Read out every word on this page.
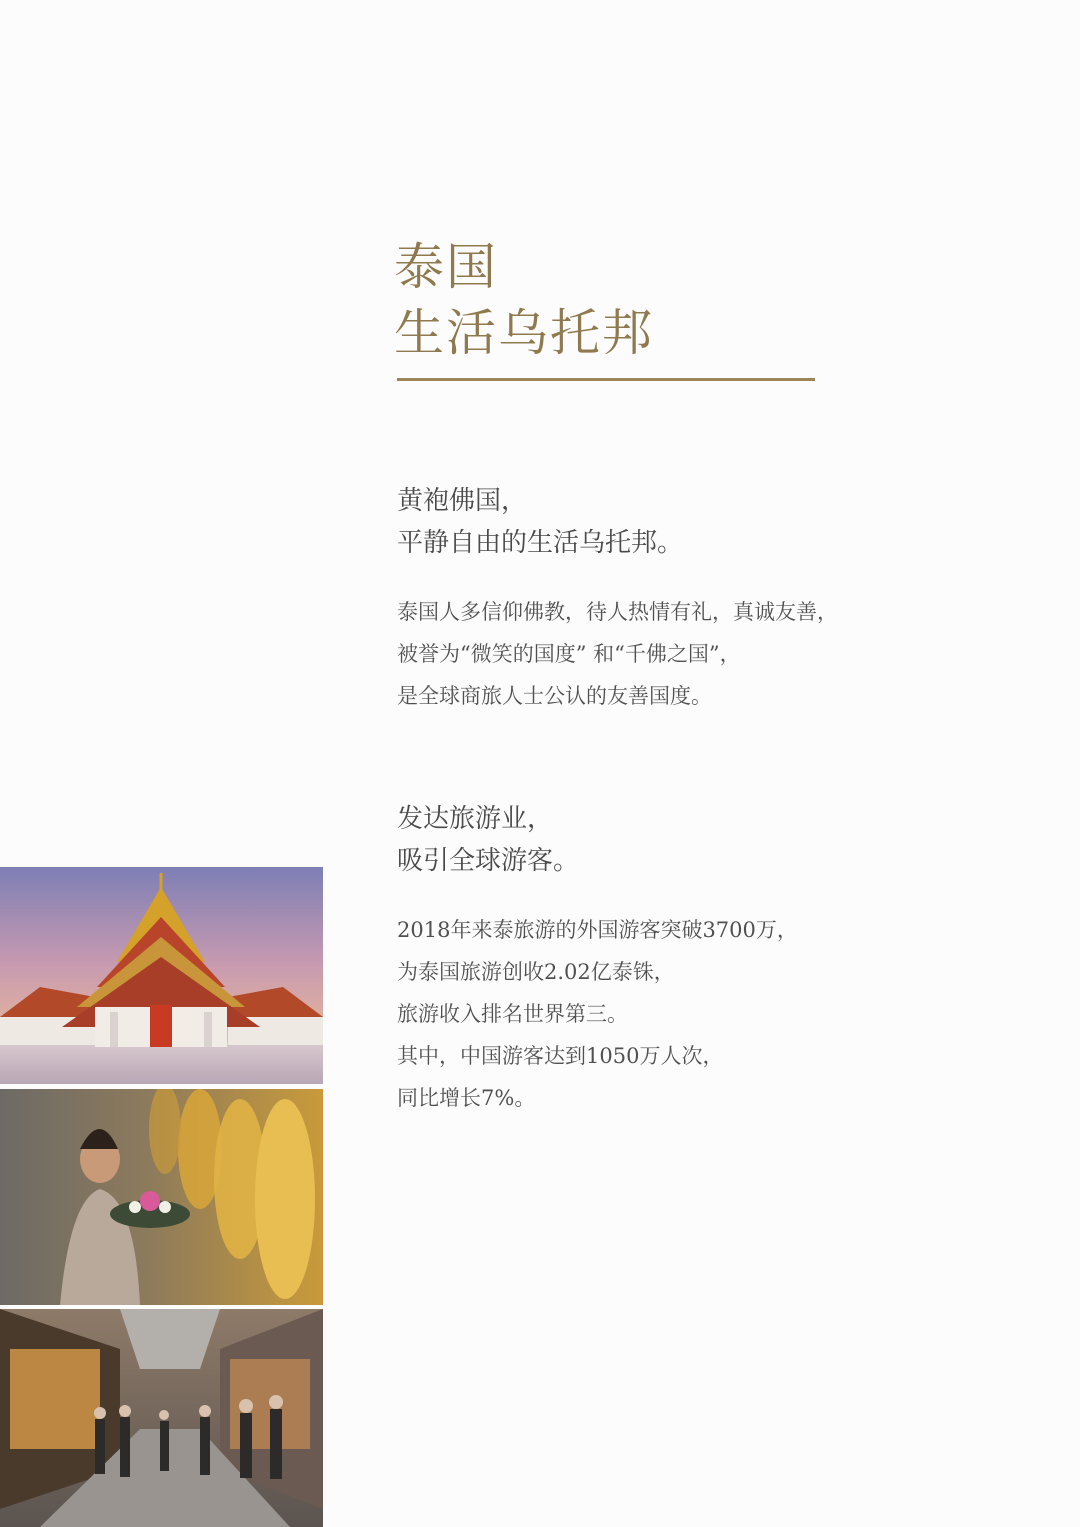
泰国
生活乌托邦
黄袍佛国，
平静自由的生活乌托邦。
泰国人多信仰佛教，待人热情有礼，真诚友善，
被誉为“微笑的国度” 和“千佛之国”，
是全球商旅人士公认的友善国度。
发达旅游业，
吸引全球游客。
2018年来泰旅游的外国游客突破3700万，
为泰国旅游创收2.02亿泰铢，
旅游收入排名世界第三。
其中，中国游客达到1050万人次，
同比增长7%。
